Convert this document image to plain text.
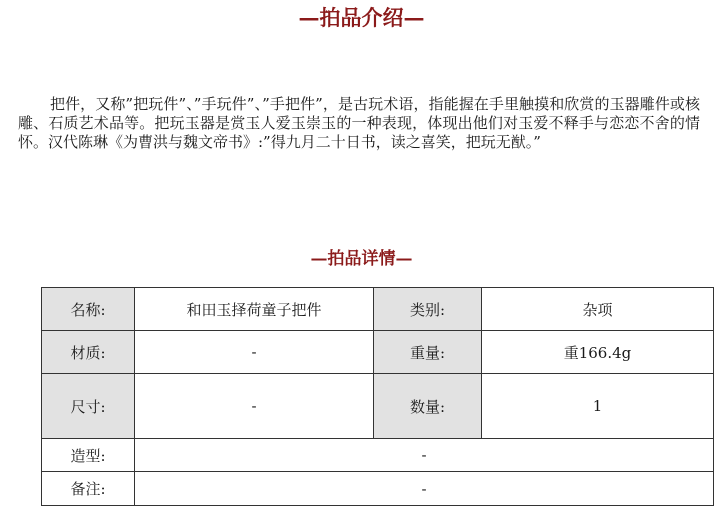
—拍品介绍—

把件，又称”把玩件”、”手玩件”、”手把件”，是古玩术语，指能握在手里触摸和欣赏的玉器雕件或核雕、石质艺术品等。把玩玉器是赏玉人爱玉崇玉的一种表现，体现出他们对玉爱不释手与恋恋不舍的情怀。汉代陈琳《为曹洪与魏文帝书》:”得九月二十日书，读之喜笑，把玩无猷。”

—拍品详情—
名称:	和田玉择荷童子把件	类别:	杂项
材质:	-	重量:	重166.4g
尺寸:	-	数量:	1
造型:	-		
备注:	-		
